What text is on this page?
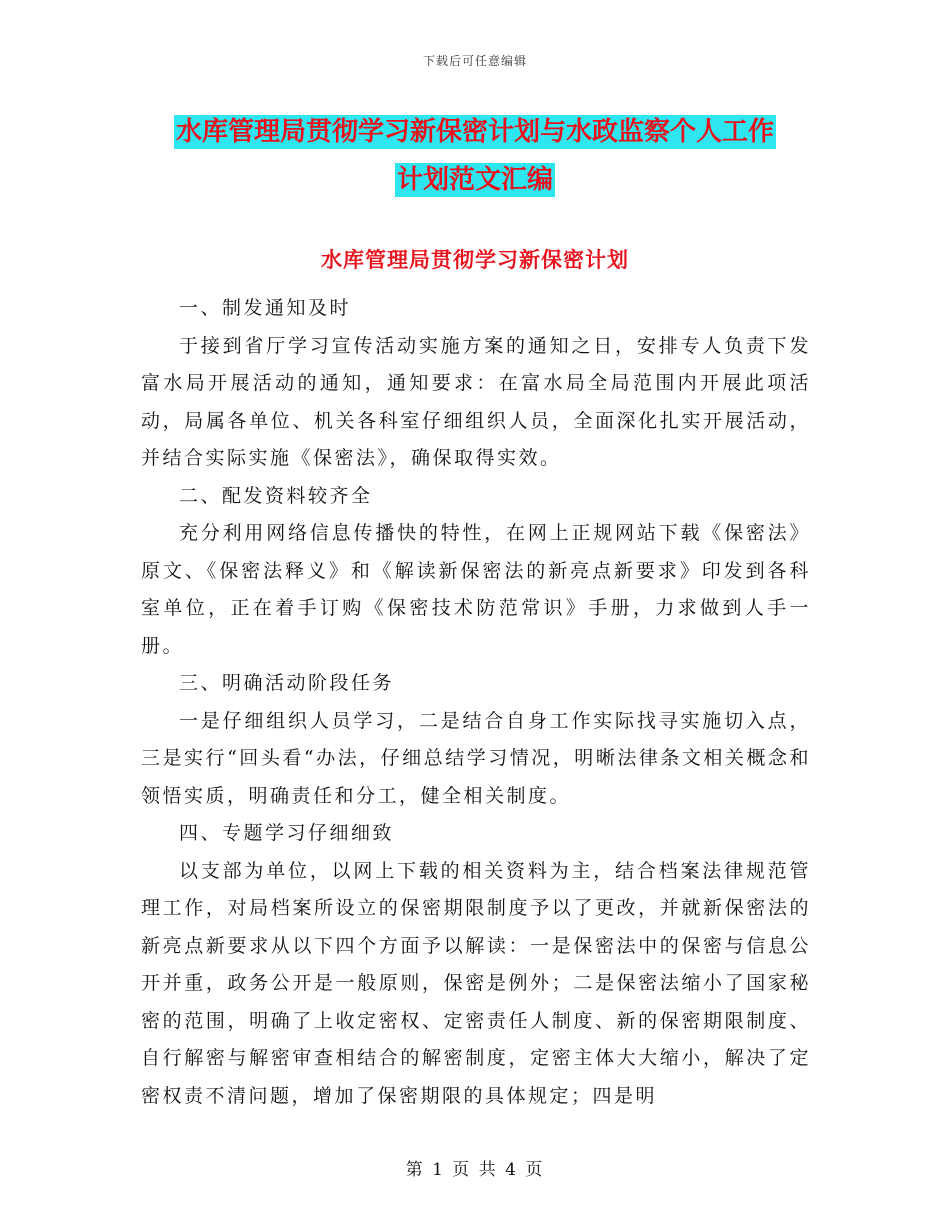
下载后可任意编辑
水库管理局贯彻学习新保密计划与水政监察个人工作
计划范文汇编
水库管理局贯彻学习新保密计划

一、制发通知及时

于接到省厅学习宣传活动实施方案的通知之日，安排专人负责下发富水局开展活动的通知，通知要求：在富水局全局范围内开展此项活动，局属各单位、机关各科室仔细组织人员，全面深化扎实开展活动，并结合实际实施《保密法》，确保取得实效。

二、配发资料较齐全

充分利用网络信息传播快的特性，在网上正规网站下载《保密法》原文、《保密法释义》和《解读新保密法的新亮点新要求》印发到各科室单位，正在着手订购《保密技术防范常识》手册，力求做到人手一册。

三、明确活动阶段任务

一是仔细组织人员学习，二是结合自身工作实际找寻实施切入点，三是实行“回头看“办法，仔细总结学习情况，明晰法律条文相关概念和领悟实质，明确责任和分工，健全相关制度。

四、专题学习仔细细致

以支部为单位，以网上下载的相关资料为主，结合档案法律规范管理工作，对局档案所设立的保密期限制度予以了更改，并就新保密法的新亮点新要求从以下四个方面予以解读：一是保密法中的保密与信息公开并重，政务公开是一般原则，保密是例外；二是保密法缩小了国家秘密的范围，明确了上收定密权、定密责任人制度、新的保密期限制度、自行解密与解密审查相结合的解密制度，定密主体大大缩小，解决了定密权责不清问题，增加了保密期限的具体规定；四是明

第 1 页 共 4 页
